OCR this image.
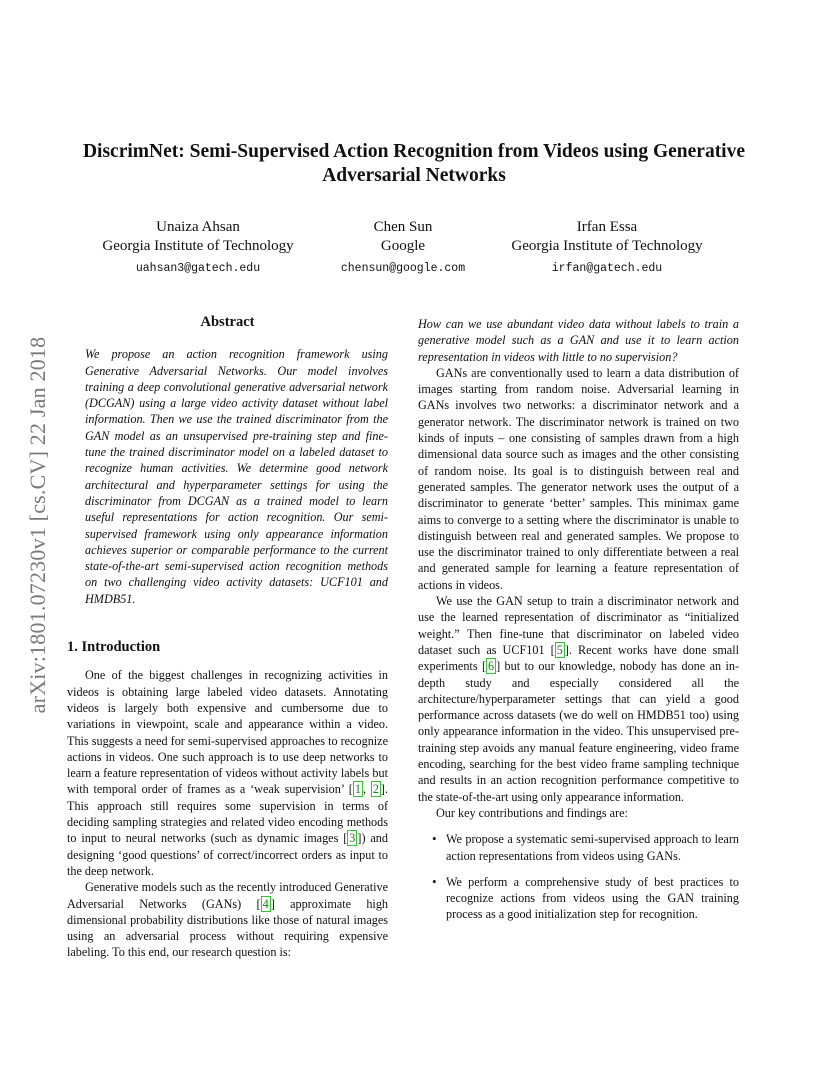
DiscrimNet: Semi-Supervised Action Recognition from Videos using Generative Adversarial Networks
Unaiza Ahsan
Georgia Institute of Technology
uahsan3@gatech.edu
Chen Sun
Google
chensun@google.com
Irfan Essa
Georgia Institute of Technology
irfan@gatech.edu
arXiv:1801.07230v1 [cs.CV] 22 Jan 2018
Abstract

We propose an action recognition framework using Generative Adversarial Networks. Our model involves training a deep convolutional generative adversarial network (DCGAN) using a large video activity dataset without label information. Then we use the trained discriminator from the GAN model as an unsupervised pre-training step and fine-tune the trained discriminator model on a labeled dataset to recognize human activities. We determine good network architectural and hyperparameter settings for using the discriminator from DCGAN as a trained model to learn useful representations for action recognition. Our semi-supervised framework using only appearance information achieves superior or comparable performance to the current state-of-the-art semi-supervised action recognition methods on two challenging video activity datasets: UCF101 and HMDB51.

1. Introduction

One of the biggest challenges in recognizing activities in videos is obtaining large labeled video datasets. Annotating videos is largely both expensive and cumbersome due to variations in viewpoint, scale and appearance within a video. This suggests a need for semi-supervised approaches to recognize actions in videos. One such approach is to use deep networks to learn a feature representation of videos without activity labels but with temporal order of frames as a ‘weak supervision’ [ 1 , 2 ]. This approach still requires some supervision in terms of deciding sampling strategies and related video encoding methods to input to neural networks (such as dynamic images [ 3 ]) and designing ‘good questions’ of correct/incorrect orders as input to the deep network.

Generative models such as the recently introduced Generative Adversarial Networks (GANs) [ 4 ] approximate high dimensional probability distributions like those of natural images using an adversarial process without requiring expensive labeling. To this end, our research question is:

How can we use abundant video data without labels to train a generative model such as a GAN and use it to learn action representation in videos with little to no supervision?

GANs are conventionally used to learn a data distribution of images starting from random noise. Adversarial learning in GANs involves two networks: a discriminator network and a generator network. The discriminator network is trained on two kinds of inputs – one consisting of samples drawn from a high dimensional data source such as images and the other consisting of random noise. Its goal is to distinguish between real and generated samples. The generator network uses the output of a discriminator to generate ‘better’ samples. This minimax game aims to converge to a setting where the discriminator is unable to distinguish between real and generated samples. We propose to use the discriminator trained to only differentiate between a real and generated sample for learning a feature representation of actions in videos.

We use the GAN setup to train a discriminator network and use the learned representation of discriminator as “initialized weight.” Then fine-tune that discriminator on labeled video dataset such as UCF101 [ 5 ]. Recent works have done small experiments [ 6 ] but to our knowledge, nobody has done an in-depth study and especially considered all the architecture/hyperparameter settings that can yield a good performance across datasets (we do well on HMDB51 too) using only appearance information in the video. This unsupervised pre-training step avoids any manual feature engineering, video frame encoding, searching for the best video frame sampling technique and results in an action recognition performance competitive to the state-of-the-art using only appearance information.

Our key contributions and findings are:

• We propose a systematic semi-supervised approach to learn action representations from videos using GANs.
• We perform a comprehensive study of best practices to recognize actions from videos using the GAN training process as a good initialization step for recognition.
